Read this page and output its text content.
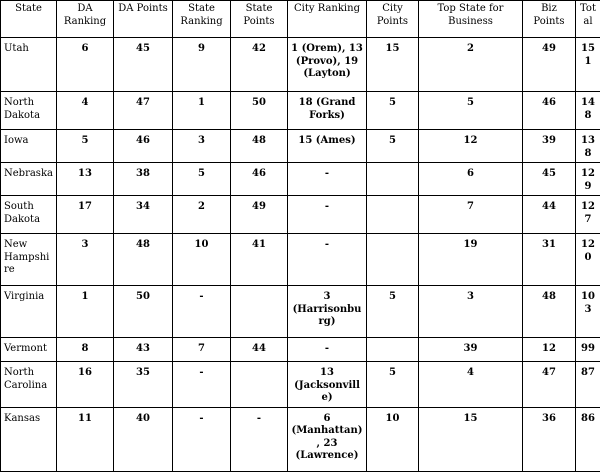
State	DA Ranking	DA Points	State Ranking	State Points	City Ranking	City Points	Top State for Business	Biz Points	Total
Utah	6	45	9	42	1 (Orem), 13 (Provo), 19 (Layton)	15	2	49	151
North Dakota	4	47	1	50	18 (Grand Forks)	5	5	46	148
Iowa	5	46	3	48	15 (Ames)	5	12	39	138
Nebraska	13	38	5	46	-		6	45	129
South Dakota	17	34	2	49	-		7	44	127
New Hampshire	3	48	10	41	-		19	31	120
Virginia	1	50	-		3 (Harrisonburg)	5	3	48	103
Vermont	8	43	7	44	-		39	12	99
North Carolina	16	35	-		13 (Jacksonville)	5	4	47	87
Kansas	11	40	-	-	6 (Manhattan), 23 (Lawrence)	10	15	36	86
